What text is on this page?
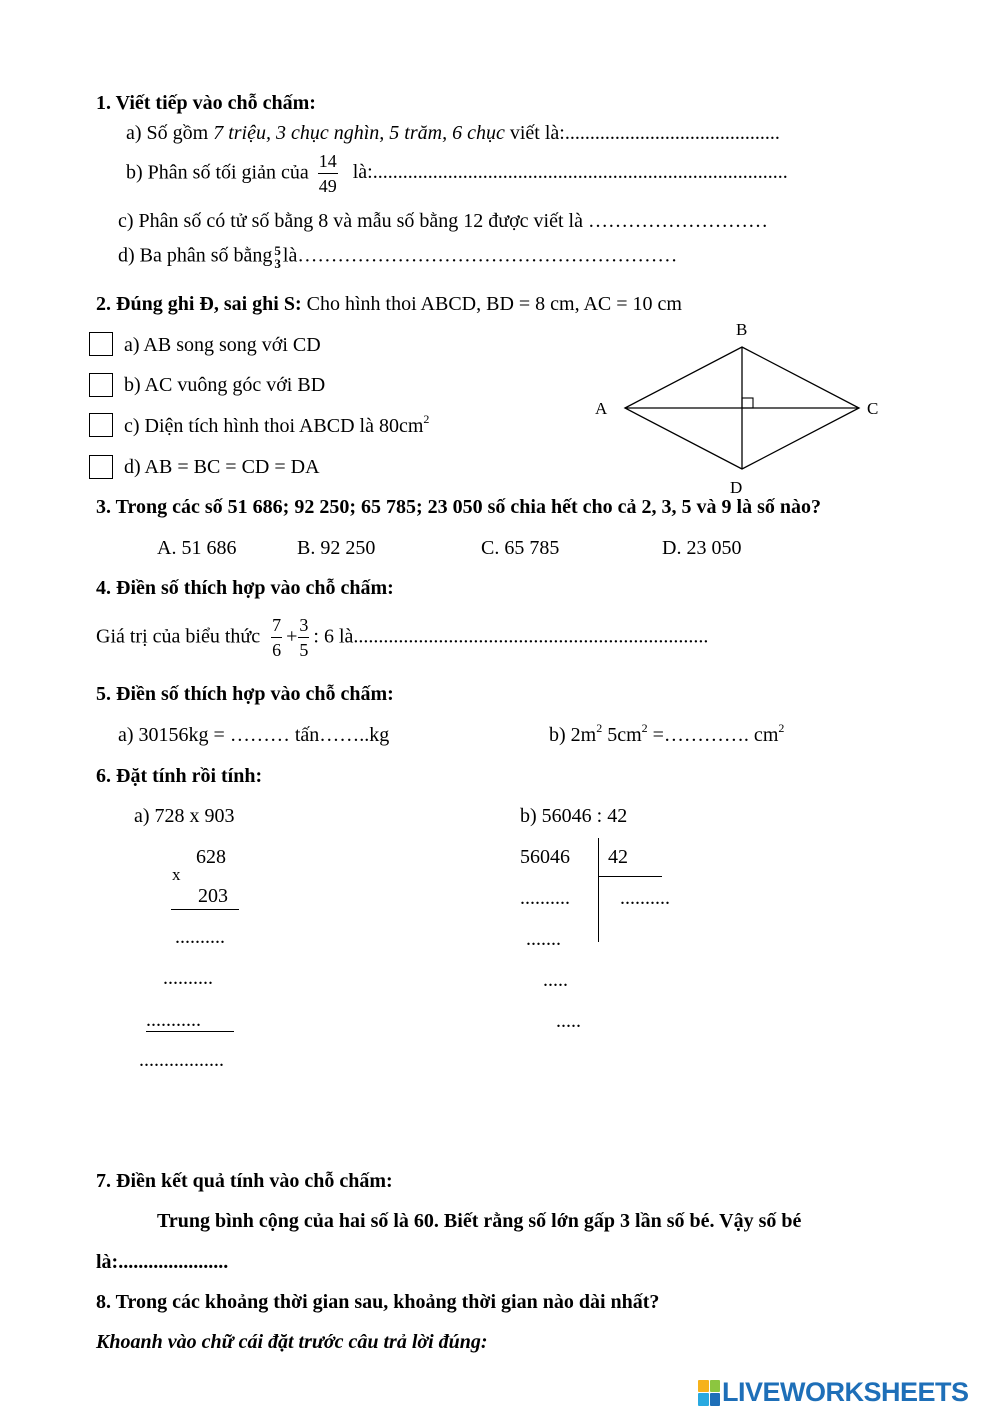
1. Viết tiếp vào chỗ chấm:
a) Số gồm 7 triệu, 3 chục nghìn, 5 trăm, 6 chục viết là:...........................................
b) Phân số tối giản của $\frac{14}{49}$ là:...................................................................................
c) Phân số có tử số bằng 8 và mẫu số bằng 12 được viết là ………………………
d) Ba phân số bằng 5
3 là…………………………………………………
2. Đúng ghi Đ, sai ghi S: Cho hình thoi ABCD, BD = 8 cm, AC = 10 cm
a) AB song song với CD
b) AC vuông góc với BD
c) Diện tích hình thoi ABCD là $80cm^2$
d) AB = BC = CD = DA
B
A	C
D
3. Trong các số 51 686; 92 250; 65 785; 23 050 số chia hết cho cả 2, 3, 5 và 9 là số nào?
A. 51 686	B. 92 250	C. 65 785	D. 23 050
4. Điền số thích hợp vào chỗ chấm:
Giá trị của biểu thức $\frac{7}{6} + \frac{3}{5}$ : 6 là.......................................................................
5. Điền số thích hợp vào chỗ chấm:
a) 30156kg = ……… tấn……..kg	b) $2m^2$ $5cm^2$ =…………. $cm^2$
6. Đặt tính rồi tính:
a) 728 x 903
628
x
203
..........
..........
...........
.................
b) 56046 : 42
56046 42
..........	..........
.......
.....
.....
7. Điền kết quả tính vào chỗ chấm:
Trung bình cộng của hai số là 60. Biết rằng số lớn gấp 3 lần số bé. Vậy số bé
là:......................
8. Trong các khoảng thời gian sau, khoảng thời gian nào dài nhất?
Khoanh vào chữ cái đặt trước câu trả lời đúng:
LIVEWORKSHEETS
